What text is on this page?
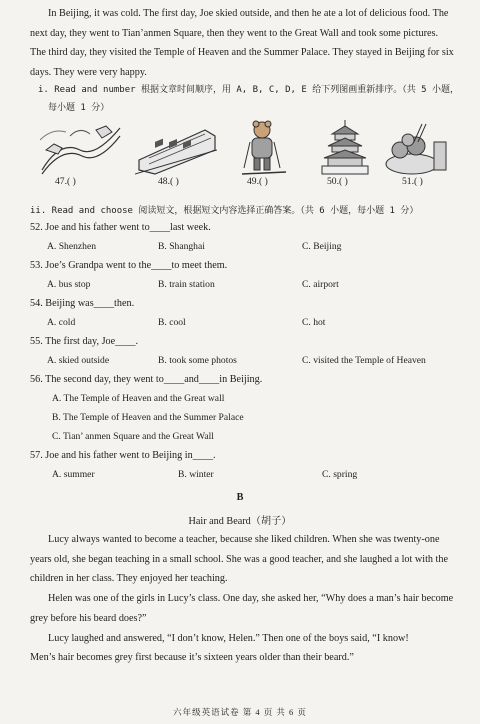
In Beijing, it was cold. The first day, Joe skied outside, and then he ate a lot of delicious food. The next day, they went to Tian’anmen Square, then they went to the Great Wall and took some pictures. The third day, they visited the Temple of Heaven and the Summer Palace. They stayed in Beijing for six days. They were very happy.

i. Read and number 根据文章时间顺序，用 A, B, C, D, E 给下列图画重新排序。（共 5 小题，
每小题 1 分）
47.( )	48.( )	49.( )	50.( )	51.( )
ii. Read and choose 阅读短文，根据短文内容选择正确答案。（共 6 小题，每小题 1 分）
52. Joe and his father went to____last week.
A. Shenzhen	B. Shanghai	C. Beijing
53. Joe’s Grandpa went to the____to meet them.
A. bus stop	B. train station	C. airport
54. Beijing was____then.
A. cold	B. cool	C. hot
55. The first day, Joe____.
A. skied outside	B. took some photos	C. visited the Temple of Heaven
56. The second day, they went to____and____in Beijing.
A. The Temple of Heaven and the Great wall
B. The Temple of Heaven and the Summer Palace
C. Tian’ anmen Square and the Great Wall
57. Joe and his father went to Beijing in____.
A. summer	B. winter	C. spring
B
Hair and Beard（胡子）

Lucy always wanted to become a teacher, because she liked children. When she was twenty-one years old, she began teaching in a small school. She was a good teacher, and she laughed a lot with the children in her class. They enjoyed her teaching.

Helen was one of the girls in Lucy’s class. One day, she asked her, “Why does a man’s hair become grey before his beard does?”

Lucy laughed and answered, “I don’t know, Helen.” Then one of the boys said, “I know!
Men’s hair becomes grey first because it’s sixteen years older than their beard.”
六年级英语试卷 第 4 页 共 6 页
